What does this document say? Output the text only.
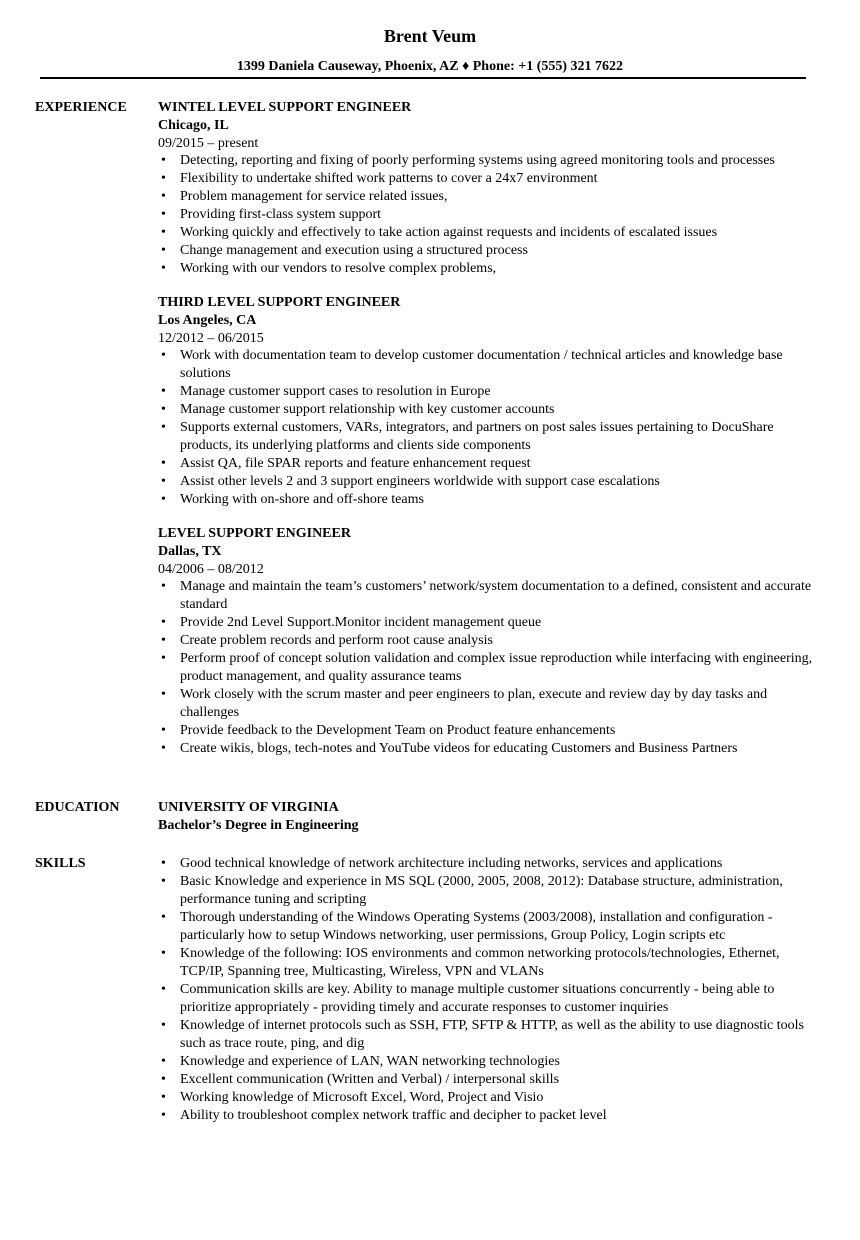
Brent Veum
1399 Daniela Causeway, Phoenix, AZ ♦ Phone: +1 (555) 321 7622
EXPERIENCE WINTEL LEVEL SUPPORT ENGINEER
Chicago, IL
09/2015 – present
• Detecting, reporting and fixing of poorly performing systems using agreed monitoring tools and processes
• Flexibility to undertake shifted work patterns to cover a 24x7 environment
• Problem management for service related issues,
• Providing first-class system support
• Working quickly and effectively to take action against requests and incidents of escalated issues
• Change management and execution using a structured process
• Working with our vendors to resolve complex problems,
THIRD LEVEL SUPPORT ENGINEER
Los Angeles, CA
12/2012 – 06/2015
• Work with documentation team to develop customer documentation / technical articles and knowledge base solutions
• Manage customer support cases to resolution in Europe
• Manage customer support relationship with key customer accounts
• Supports external customers, VARs, integrators, and partners on post sales issues pertaining to DocuShare products, its underlying platforms and clients side components
• Assist QA, file SPAR reports and feature enhancement request
• Assist other levels 2 and 3 support engineers worldwide with support case escalations
• Working with on-shore and off-shore teams
LEVEL SUPPORT ENGINEER
Dallas, TX
04/2006 – 08/2012
• Manage and maintain the team’s customers’ network/system documentation to a defined, consistent and accurate standard
• Provide 2nd Level Support.Monitor incident management queue
• Create problem records and perform root cause analysis
• Perform proof of concept solution validation and complex issue reproduction while interfacing with engineering, product management, and quality assurance teams
• Work closely with the scrum master and peer engineers to plan, execute and review day by day tasks and challenges
• Provide feedback to the Development Team on Product feature enhancements
• Create wikis, blogs, tech-notes and YouTube videos for educating Customers and Business Partners
EDUCATION	UNIVERSITY OF VIRGINIA
Bachelor’s Degree in Engineering
SKILLS
•	Good technical knowledge of network architecture including networks, services and applications
• Basic Knowledge and experience in MS SQL (2000, 2005, 2008, 2012): Database structure, administration, performance tuning and scripting
• Thorough understanding of the Windows Operating Systems (2003/2008), installation and configuration - particularly how to setup Windows networking, user permissions, Group Policy, Login scripts etc
• Knowledge of the following: IOS environments and common networking protocols/technologies, Ethernet, TCP/IP, Spanning tree, Multicasting, Wireless, VPN and VLANs
• Communication skills are key. Ability to manage multiple customer situations concurrently - being able to prioritize appropriately - providing timely and accurate responses to customer inquiries
• Knowledge of internet protocols such as SSH, FTP, SFTP & HTTP, as well as the ability to use diagnostic tools such as trace route, ping, and dig
• Knowledge and experience of LAN, WAN networking technologies
• Excellent communication (Written and Verbal) / interpersonal skills
• Working knowledge of Microsoft Excel, Word, Project and Visio
• Ability to troubleshoot complex network traffic and decipher to packet level
